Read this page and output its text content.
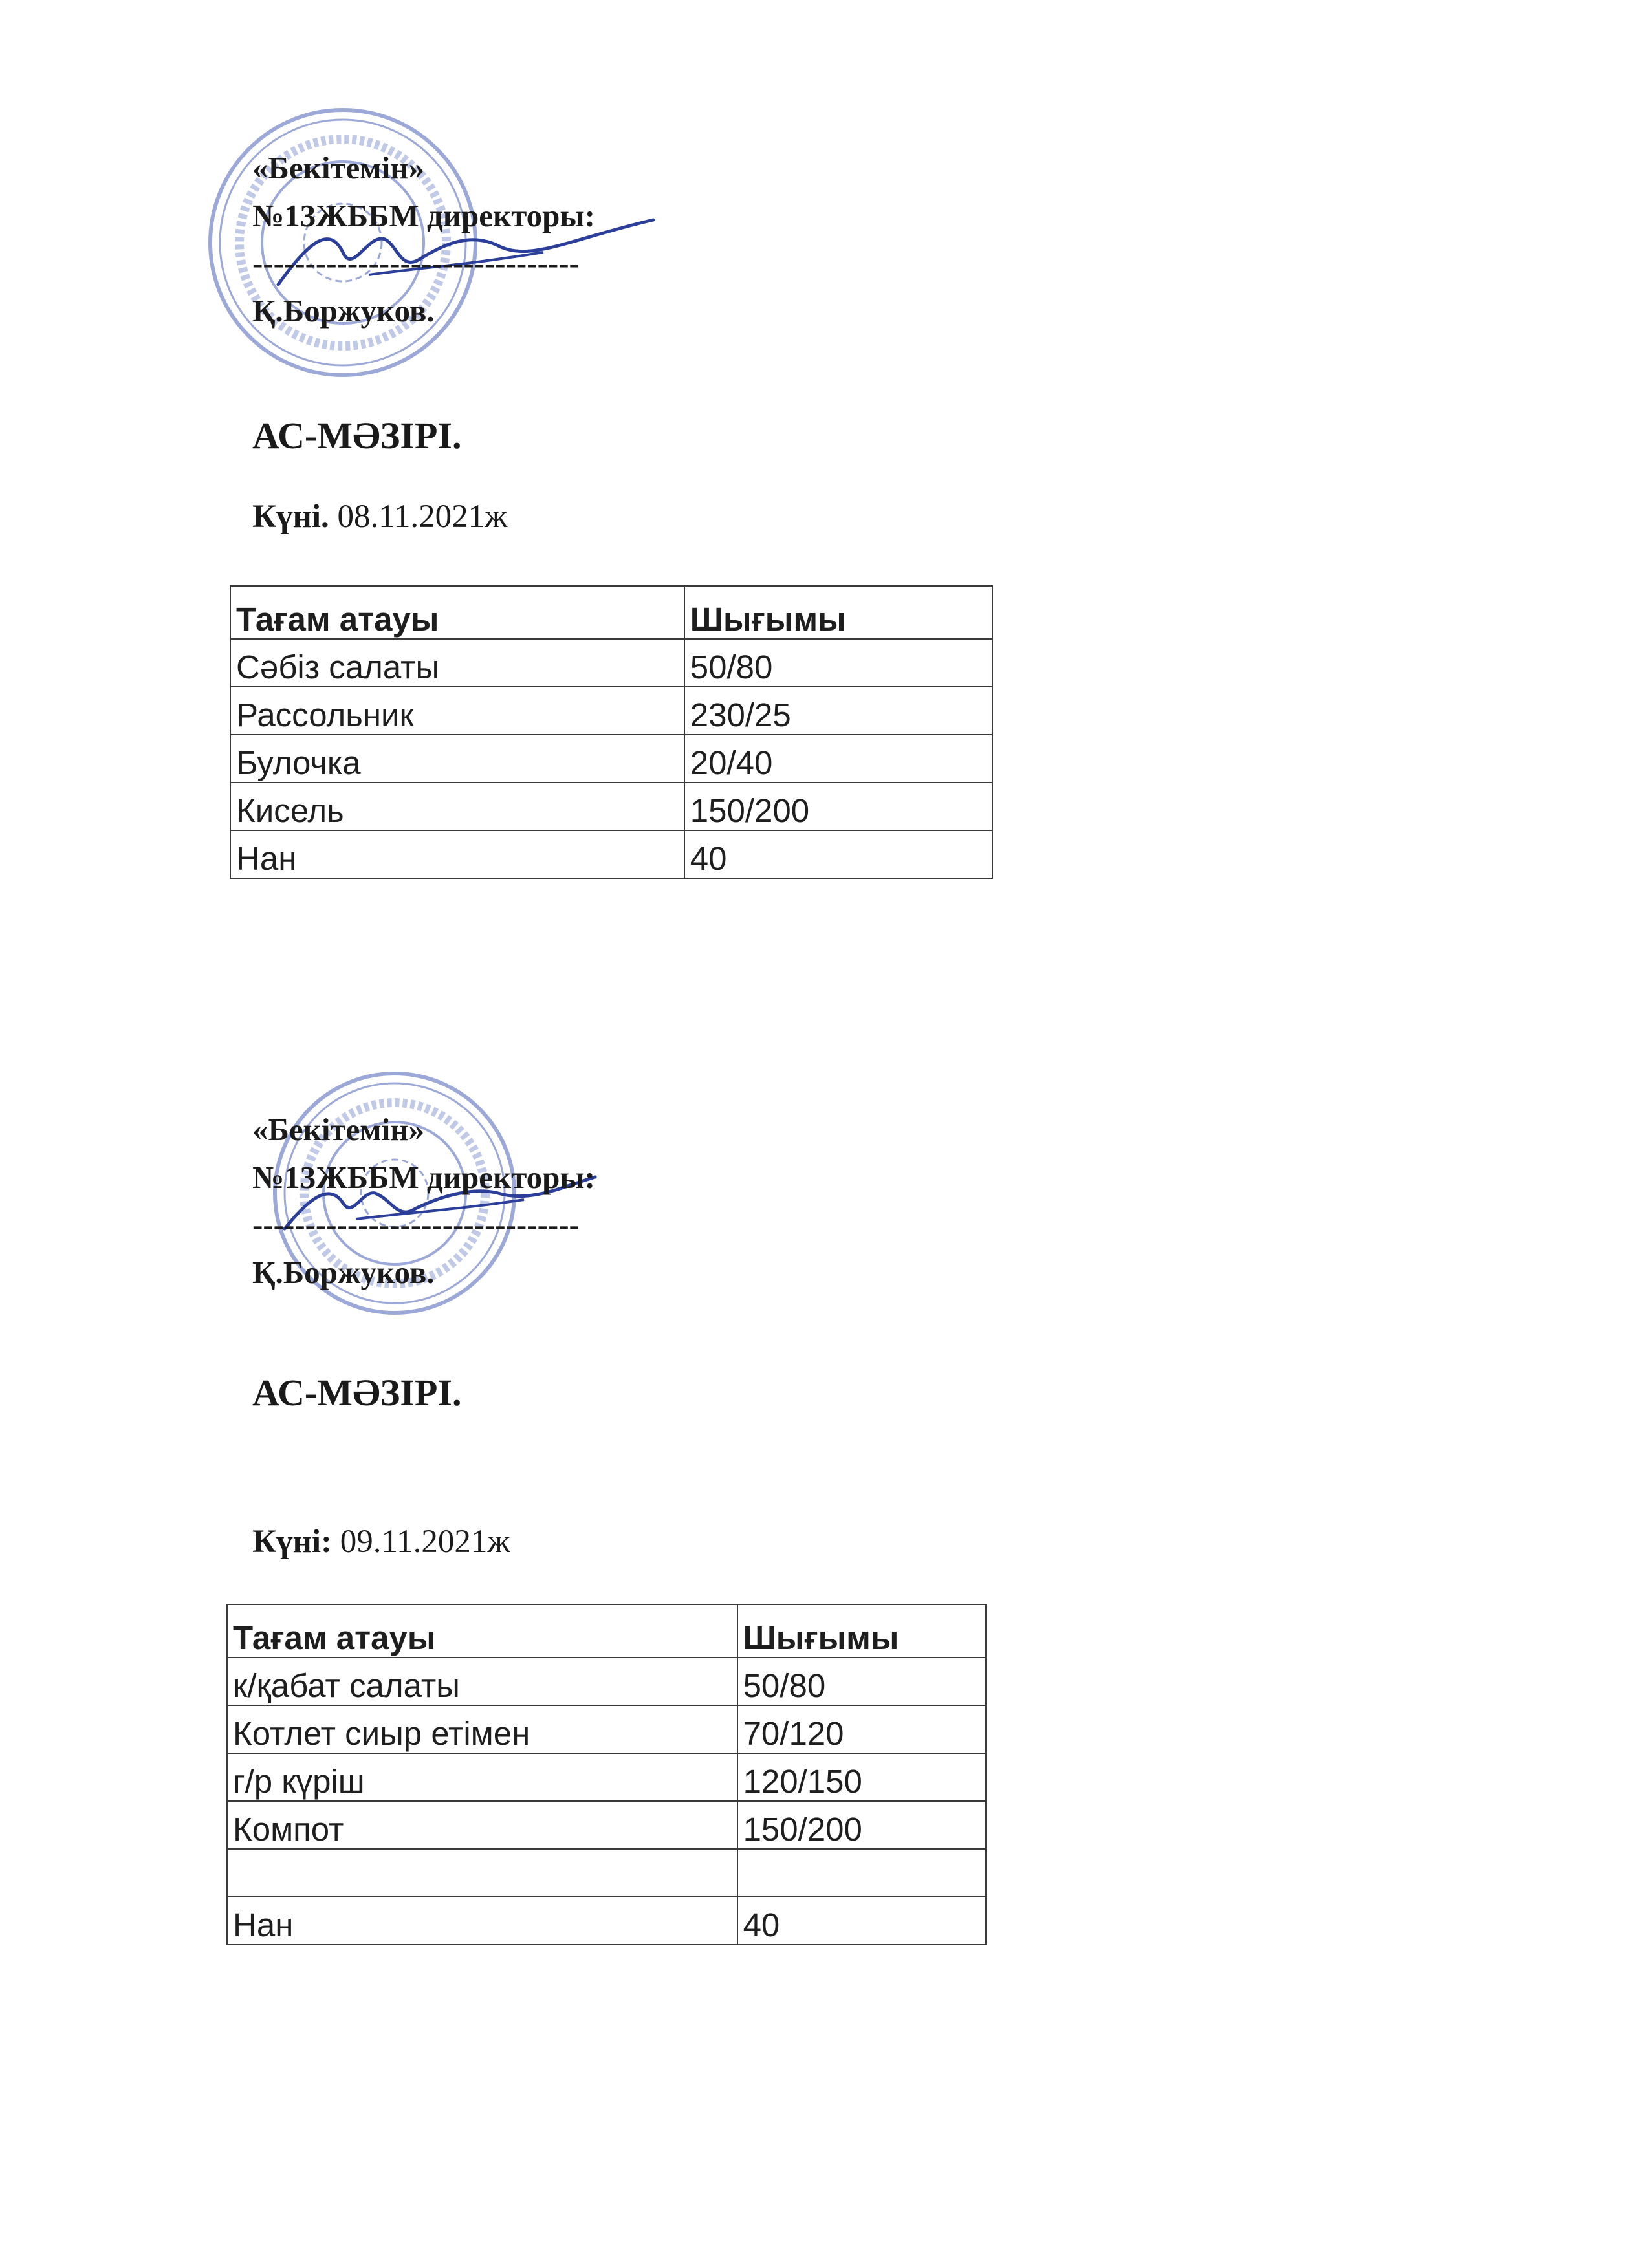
«Бекітемін»
№13ЖББМ директоры:
-------------------------------
Қ.Боржуков.
АС-МӘЗІРІ.
Күні. 08.11.2021ж
Тағам атауы	Шығымы
Сәбіз салаты	50/80
Рассольник	230/25
Булочка	20/40
Кисель	150/200
Нан	40
«Бекітемін»
№13ЖББМ директоры:
-------------------------------
Қ.Боржуков.
АС-МӘЗІРІ.
Күні: 09.11.2021ж
Тағам атауы	Шығымы
к/қабат салаты	50/80
Котлет сиыр етімен	70/120
г/р күріш	120/150
Компот	150/200

Нан	40
